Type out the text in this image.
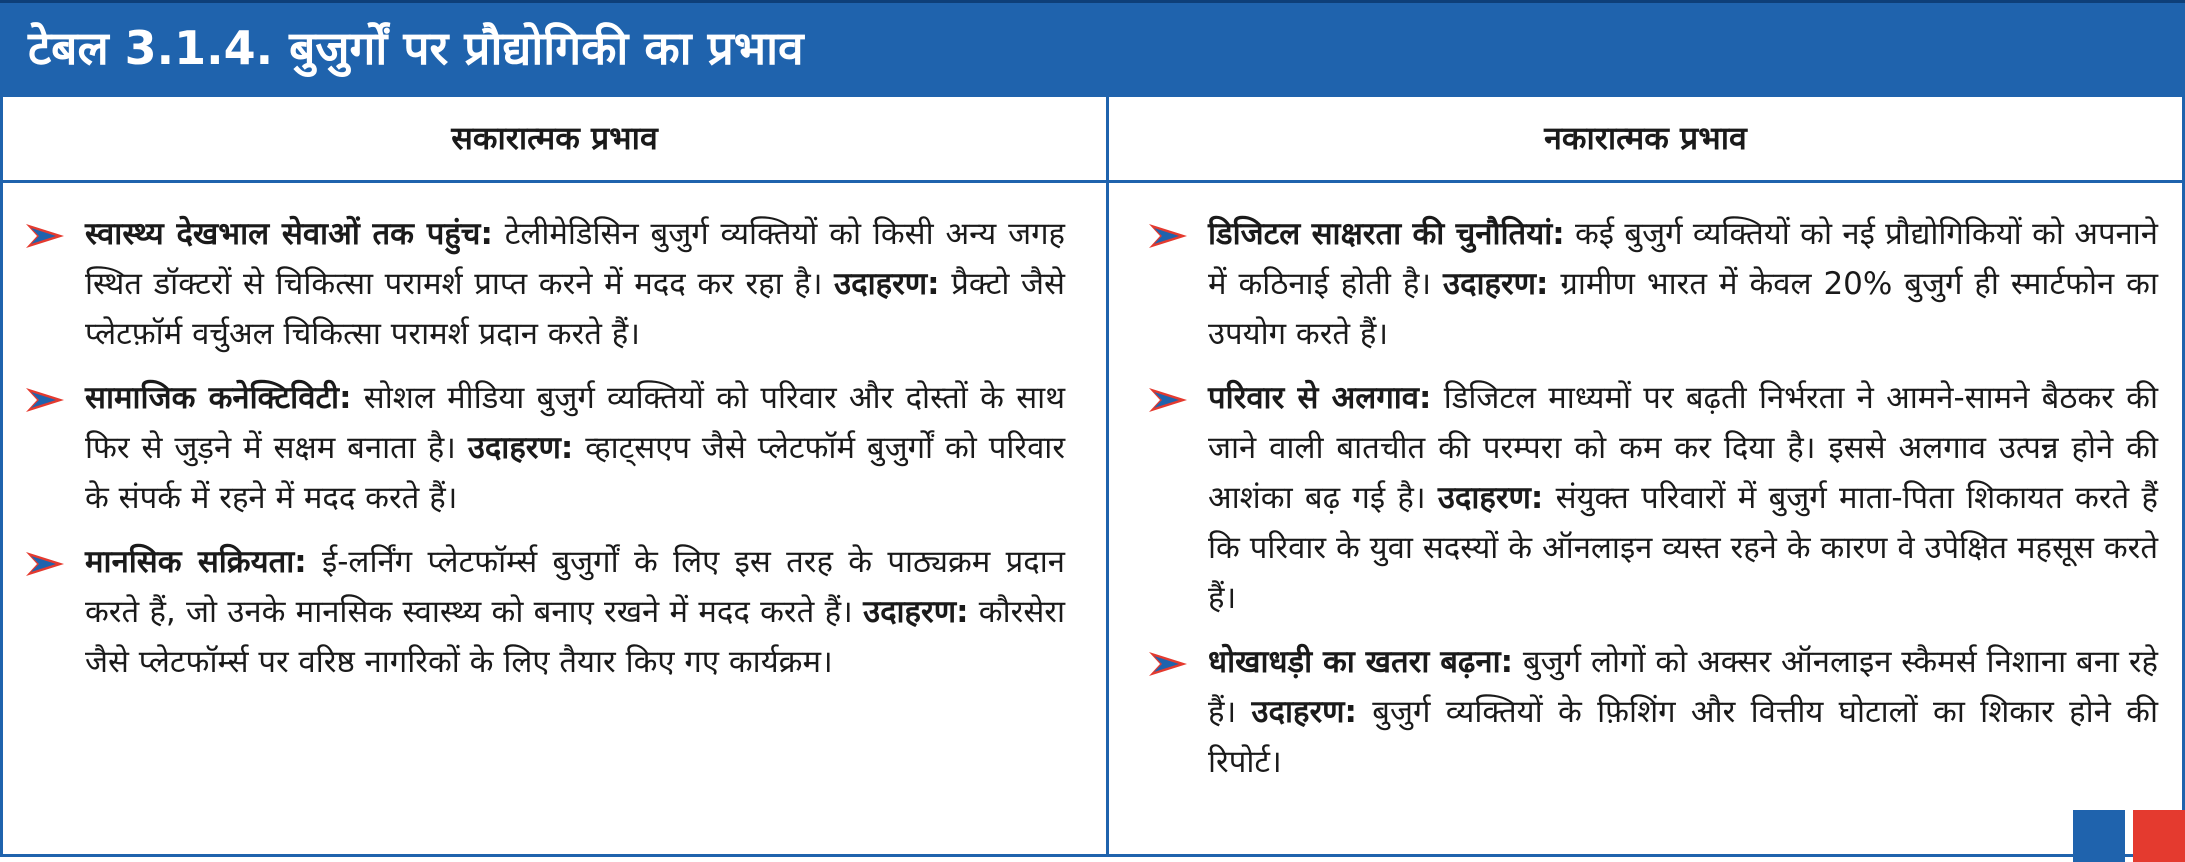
टेबल 3.1.4. बुजुर्गों पर प्रौद्योगिकी का प्रभाव
सकारात्मक प्रभाव	नकारात्मक प्रभाव
स्वास्थ्य देखभाल सेवाओं तक पहुंच: टेलीमेडिसिन बुजुर्ग व्यक्तियों को किसी अन्य जगह स्थित डॉक्टरों से चिकित्सा परामर्श प्राप्त करने में मदद कर रहा है। उदाहरण: प्रैक्टो जैसे प्लेटफ़ॉर्म वर्चुअल चिकित्सा परामर्श प्रदान करते हैं।
सामाजिक कनेक्टिविटी: सोशल मीडिया बुजुर्ग व्यक्तियों को परिवार और दोस्तों के साथ फिर से जुड़ने में सक्षम बनाता है। उदाहरण: व्हाट्सएप जैसे प्लेटफॉर्म बुजुर्गों को परिवार के संपर्क में रहने में मदद करते हैं।
मानसिक सक्रियता: ई-लर्निंग प्लेटफॉर्म्स बुजुर्गों के लिए इस तरह के पाठ्यक्रम प्रदान करते हैं, जो उनके मानसिक स्वास्थ्य को बनाए रखने में मदद करते हैं। उदाहरण: कौरसेरा जैसे प्लेटफॉर्म्स पर वरिष्ठ नागरिकों के लिए तैयार किए गए कार्यक्रम।
डिजिटल साक्षरता की चुनौतियां: कई बुजुर्ग व्यक्तियों को नई प्रौद्योगिकियों को अपनाने में कठिनाई होती है। उदाहरण: ग्रामीण भारत में केवल 20% बुजुर्ग ही स्मार्टफोन का उपयोग करते हैं।
परिवार से अलगाव: डिजिटल माध्यमों पर बढ़ती निर्भरता ने आमने-सामने बैठकर की जाने वाली बातचीत की परम्परा को कम कर दिया है। इससे अलगाव उत्पन्न होने की आशंका बढ़ गई है। उदाहरण: संयुक्त परिवारों में बुजुर्ग माता-पिता शिकायत करते हैं कि परिवार के युवा सदस्यों के ऑनलाइन व्यस्त रहने के कारण वे उपेक्षित महसूस करते हैं।
धोखाधड़ी का खतरा बढ़ना: बुजुर्ग लोगों को अक्सर ऑनलाइन स्कैमर्स निशाना बना रहे हैं। उदाहरण: बुजुर्ग व्यक्तियों के फ़िशिंग और वित्तीय घोटालों का शिकार होने की रिपोर्ट।
